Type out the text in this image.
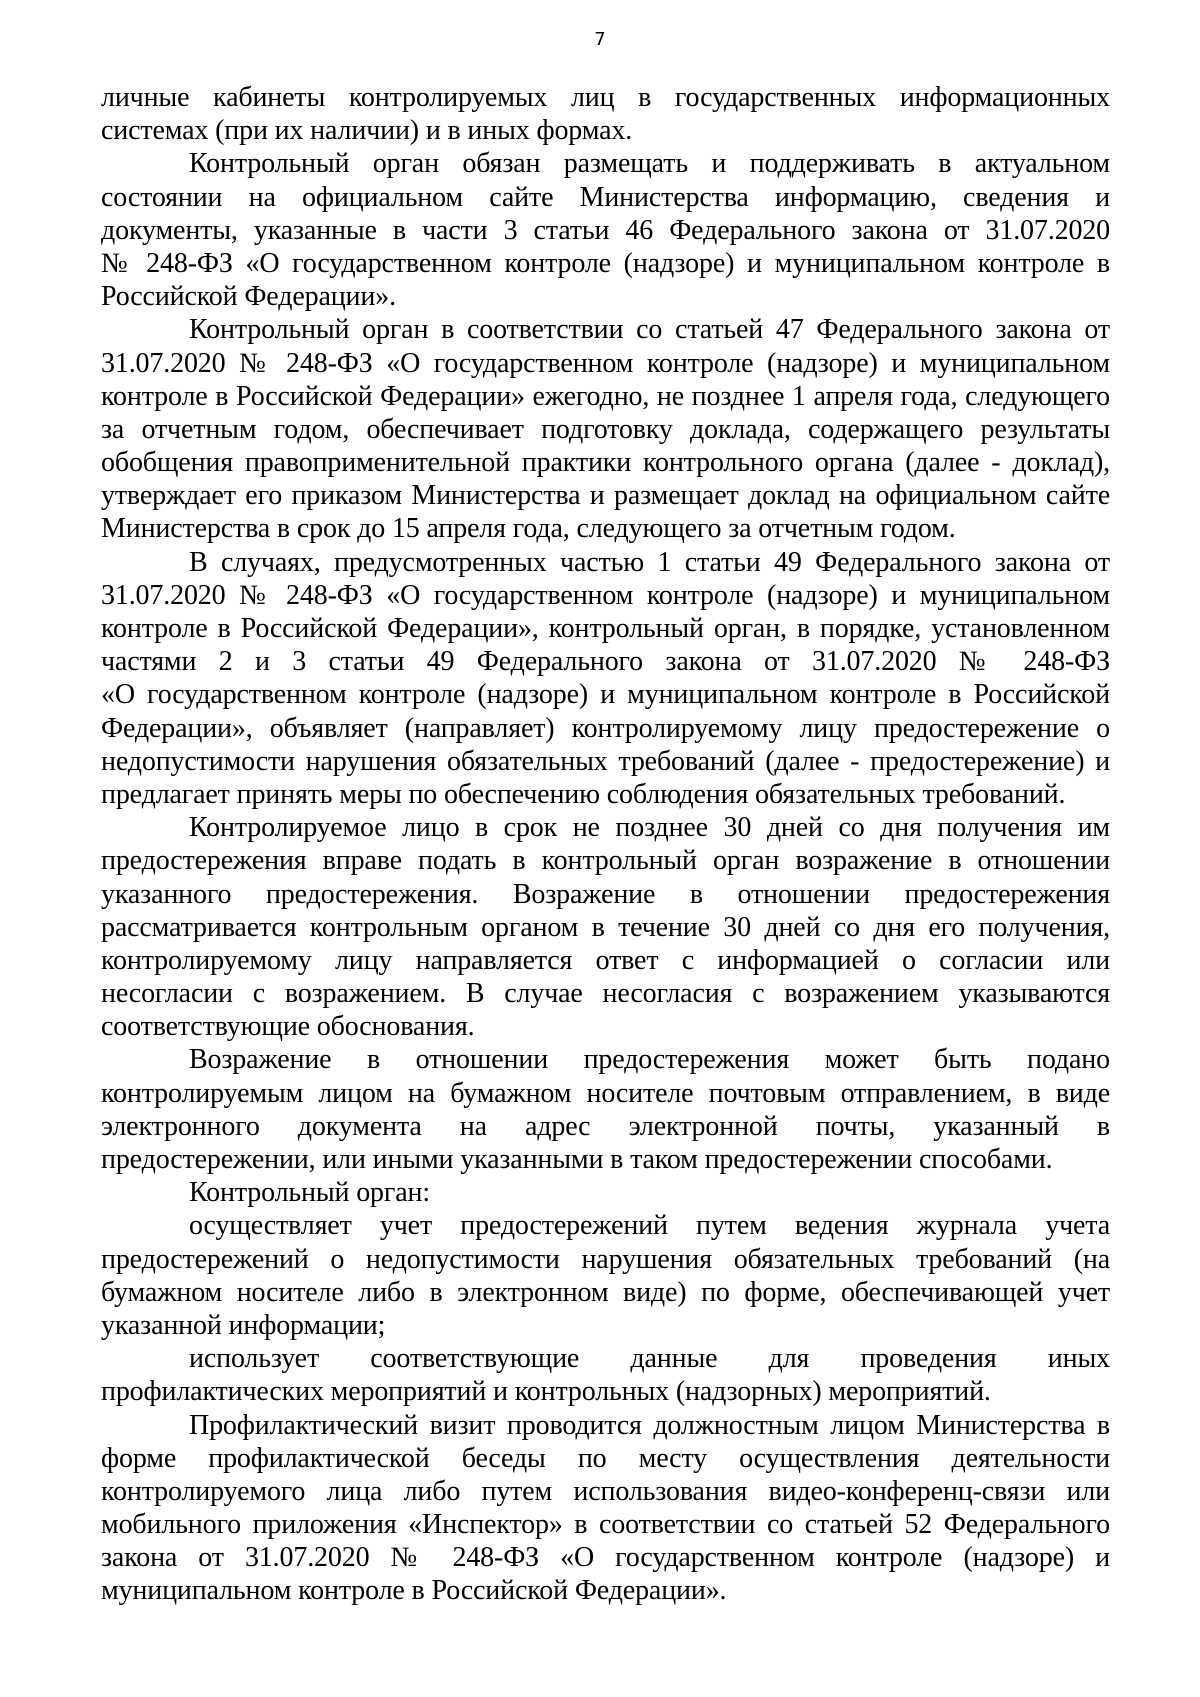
7

личные кабинеты контролируемых лиц в государственных информационных
системах (при их наличии) и в иных формах.

Контрольный орган обязан размещать и поддерживать в актуальном
состоянии на официальном сайте Министерства информацию, сведения и
документы, указанные в части 3 статьи 46 Федерального закона от 31.07.2020
№ 248-ФЗ «О государственном контроле (надзоре) и муниципальном контроле в
Российской Федерации».

Контрольный орган в соответствии со статьей 47 Федерального закона от
31.07.2020 № 248-ФЗ «О государственном контроле (надзоре) и муниципальном
контроле в Российской Федерации» ежегодно, не позднее 1 апреля года, следующего
за отчетным годом, обеспечивает подготовку доклада, содержащего результаты
обобщения правоприменительной практики контрольного органа (далее - доклад),
утверждает его приказом Министерства и размещает доклад на официальном сайте
Министерства в срок до 15 апреля года, следующего за отчетным годом.

В случаях, предусмотренных частью 1 статьи 49 Федерального закона от
31.07.2020 № 248-ФЗ «О государственном контроле (надзоре) и муниципальном
контроле в Российской Федерации», контрольный орган, в порядке, установленном
частями 2 и 3 статьи 49 Федерального закона от 31.07.2020 № 248-ФЗ
«О государственном контроле (надзоре) и муниципальном контроле в Российской
Федерации», объявляет (направляет) контролируемому лицу предостережение о
недопустимости нарушения обязательных требований (далее - предостережение) и
предлагает принять меры по обеспечению соблюдения обязательных требований.

Контролируемое лицо в срок не позднее 30 дней со дня получения им
предостережения вправе подать в контрольный орган возражение в отношении
указанного предостережения. Возражение в отношении предостережения
рассматривается контрольным органом в течение 30 дней со дня его получения,
контролируемому лицу направляется ответ с информацией о согласии или
несогласии с возражением. В случае несогласия с возражением указываются
соответствующие обоснования.

Возражение в отношении предостережения может быть подано
контролируемым лицом на бумажном носителе почтовым отправлением, в виде
электронного документа на адрес электронной почты, указанный в
предостережении, или иными указанными в таком предостережении способами.

Контрольный орган:

осуществляет учет предостережений путем ведения журнала учета
предостережений о недопустимости нарушения обязательных требований (на
бумажном носителе либо в электронном виде) по форме, обеспечивающей учет
указанной информации;

использует соответствующие данные для проведения иных
профилактических мероприятий и контрольных (надзорных) мероприятий.

Профилактический визит проводится должностным лицом Министерства в
форме профилактической беседы по месту осуществления деятельности
контролируемого лица либо путем использования видео-конференц-связи или
мобильного приложения «Инспектор» в соответствии со статьей 52 Федерального
закона от 31.07.2020 № 248-ФЗ «О государственном контроле (надзоре) и
муниципальном контроле в Российской Федерации».
